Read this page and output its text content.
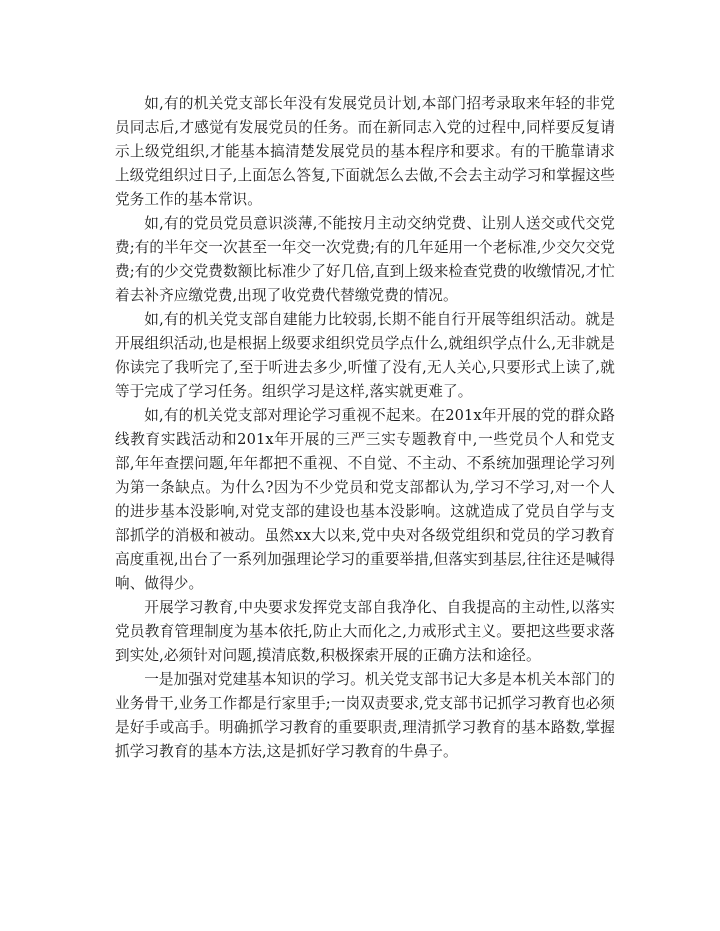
如,有的机关党支部长年没有发展党员计划,本部门招考录取来年轻的非党员同志后,才感觉有发展党员的任务。而在新同志入党的过程中,同样要反复请示上级党组织,才能基本搞清楚发展党员的基本程序和要求。有的干脆靠请求上级党组织过日子,上面怎么答复,下面就怎么去做,不会去主动学习和掌握这些党务工作的基本常识。

如,有的党员党员意识淡薄,不能按月主动交纳党费、让别人送交或代交党费;有的半年交一次甚至一年交一次党费;有的几年延用一个老标准,少交欠交党费;有的少交党费数额比标准少了好几倍,直到上级来检查党费的收缴情况,才忙着去补齐应缴党费,出现了收党费代替缴党费的情况。

如,有的机关党支部自建能力比较弱,长期不能自行开展等组织活动。就是开展组织活动,也是根据上级要求组织党员学点什么,就组织学点什么,无非就是你读完了我听完了,至于听进去多少,听懂了没有,无人关心,只要形式上读了,就等于完成了学习任务。组织学习是这样,落实就更难了。

如,有的机关党支部对理论学习重视不起来。在201x年开展的党的群众路线教育实践活动和201x年开展的三严三实专题教育中,一些党员个人和党支部,年年查摆问题,年年都把不重视、不自觉、不主动、不系统加强理论学习列为第一条缺点。为什么?因为不少党员和党支部都认为,学习不学习,对一个人的进步基本没影响,对党支部的建设也基本没影响。这就造成了党员自学与支部抓学的消极和被动。虽然xx大以来,党中央对各级党组织和党员的学习教育高度重视,出台了一系列加强理论学习的重要举措,但落实到基层,往往还是喊得响、做得少。

开展学习教育,中央要求发挥党支部自我净化、自我提高的主动性,以落实党员教育管理制度为基本依托,防止大而化之,力戒形式主义。要把这些要求落到实处,必须针对问题,摸清底数,积极探索开展的正确方法和途径。

一是加强对党建基本知识的学习。机关党支部书记大多是本机关本部门的业务骨干,业务工作都是行家里手;一岗双责要求,党支部书记抓学习教育也必须是好手或高手。明确抓学习教育的重要职责,理清抓学习教育的基本路数,掌握抓学习教育的基本方法,这是抓好学习教育的牛鼻子。
